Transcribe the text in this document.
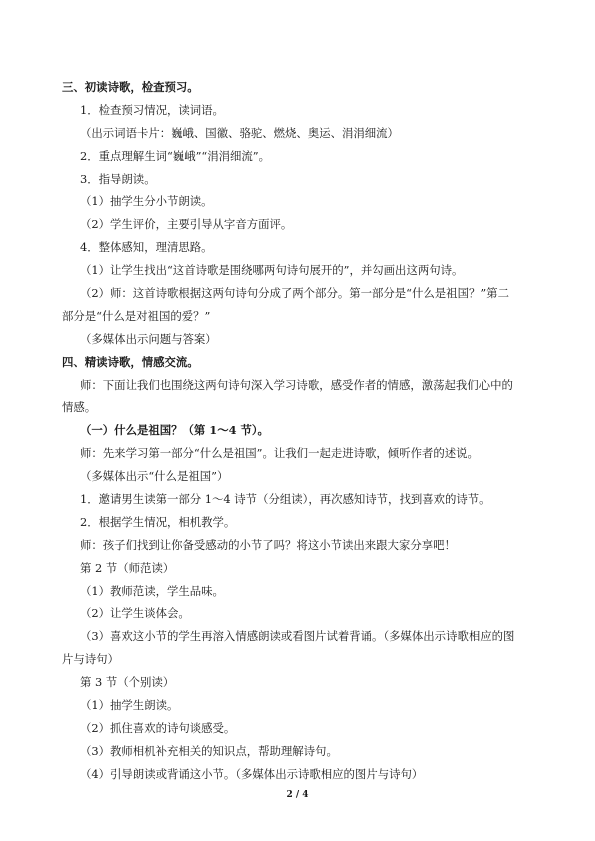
三、初读诗歌，检查预习。
1．检查预习情况，读词语。
（出示词语卡片：巍峨、国徽、骆驼、燃烧、奥运、涓涓细流）
2．重点理解生词“巍峨”“涓涓细流”。
3．指导朗读。
（1）抽学生分小节朗读。
（2）学生评价，主要引导从字音方面评。
4．整体感知，理清思路。
（1）让学生找出“这首诗歌是围绕哪两句诗句展开的”，并勾画出这两句诗。
（2）师：这首诗歌根据这两句诗句分成了两个部分。第一部分是“什么是祖国？”第二
部分是“什么是对祖国的爱？”
（多媒体出示问题与答案）
四、精读诗歌，情感交流。
师：下面让我们也围绕这两句诗句深入学习诗歌，感受作者的情感，激荡起我们心中的
情感。
（一）什么是祖国？（第 1～4 节）。
师：先来学习第一部分“什么是祖国”。让我们一起走进诗歌，倾听作者的述说。
（多媒体出示“什么是祖国”）
1．邀请男生读第一部分 1～4 诗节（分组读），再次感知诗节，找到喜欢的诗节。
2．根据学生情况，相机教学。
师：孩子们找到让你备受感动的小节了吗？将这小节读出来跟大家分享吧！
第 2 节（师范读）
（1）教师范读，学生品味。
（2）让学生谈体会。
（3）喜欢这小节的学生再溶入情感朗读或看图片试着背诵。（多媒体出示诗歌相应的图
片与诗句）
第 3 节（个别读）
（1）抽学生朗读。
（2）抓住喜欢的诗句谈感受。
（3）教师相机补充相关的知识点，帮助理解诗句。
（4）引导朗读或背诵这小节。（多媒体出示诗歌相应的图片与诗句）
2 / 4
